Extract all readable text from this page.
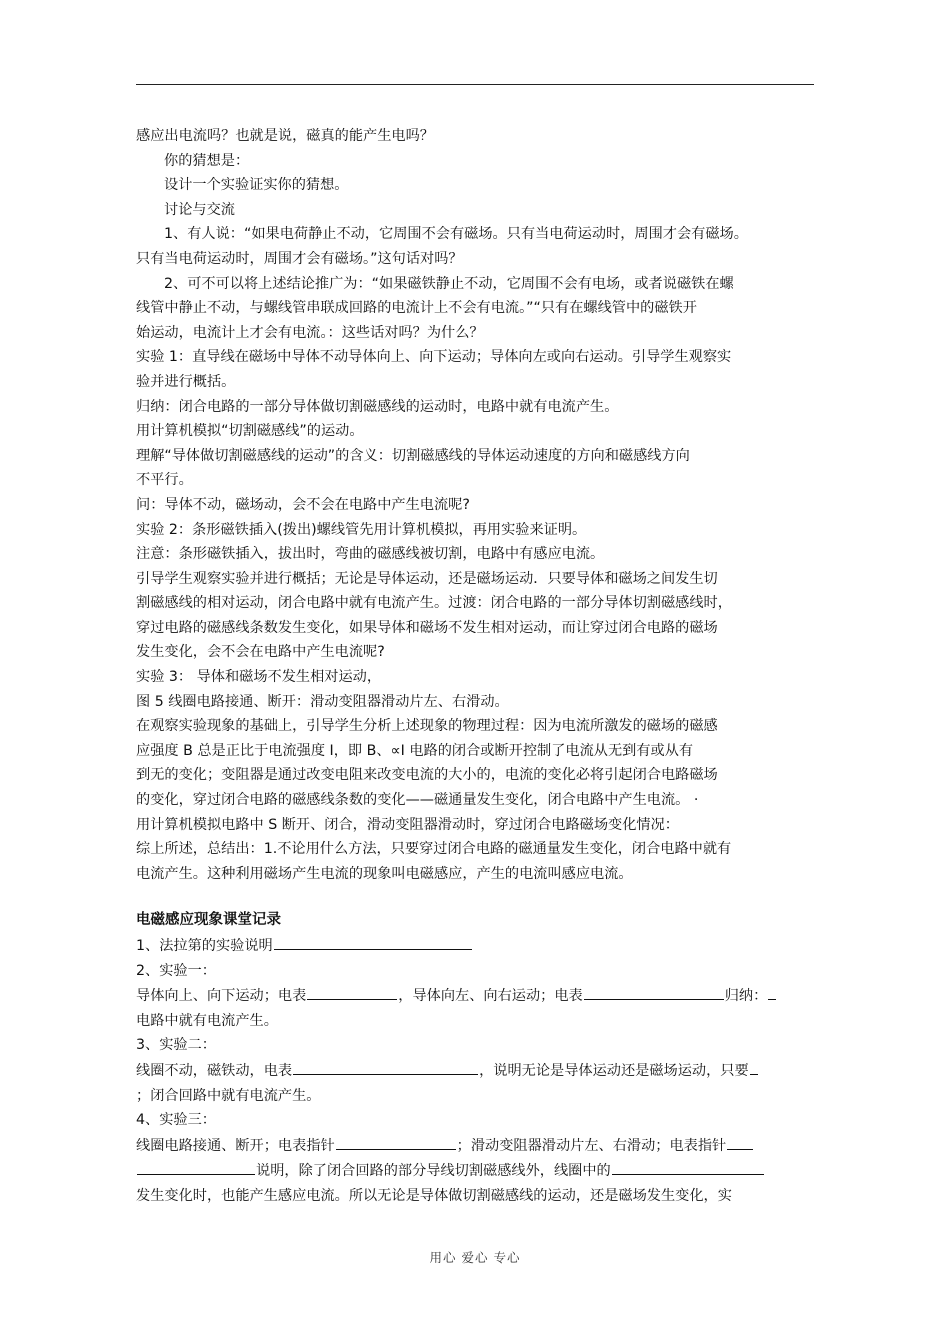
感应出电流吗？也就是说，磁真的能产生电吗？
你的猜想是：
设计一个实验证实你的猜想。
讨论与交流
1、有人说：“如果电荷静止不动，它周围不会有磁场。只有当电荷运动时，周围才会有磁场。
只有当电荷运动时，周围才会有磁场。”这句话对吗？
2、可不可以将上述结论推广为：“如果磁铁静止不动，它周围不会有电场，或者说磁铁在螺
线管中静止不动，与螺线管串联成回路的电流计上不会有电流。”“只有在螺线管中的磁铁开
始运动，电流计上才会有电流。：这些话对吗？为什么？
实验 1：直导线在磁场中导体不动导体向上、向下运动；导体向左或向右运动。引导学生观察实
验并进行概括。
归纳：闭合电路的一部分导体做切割磁感线的运动时，电路中就有电流产生。
用计算机模拟“切割磁感线”的运动。
理解“导体做切割磁感线的运动”的含义：切割磁感线的导体运动速度的方向和磁感线方向
不平行。
问：导体不动，磁场动，会不会在电路中产生电流呢?
实验 2：条形磁铁插入(拨出)螺线管先用计算机模拟，再用实验来证明。
注意：条形磁铁插入，拔出时，弯曲的磁感线被切割，电路中有感应电流。
引导学生观察实验并进行概括；无论是导体运动，还是磁场运动．只要导体和磁场之间发生切
割磁感线的相对运动，闭合电路中就有电流产生。过渡：闭合电路的一部分导体切割磁感线时，
穿过电路的磁感线条数发生变化，如果导体和磁场不发生相对运动，而让穿过闭合电路的磁场
发生变化，会不会在电路中产生电流呢?
实验 3： 导体和磁场不发生相对运动，
图 5 线圈电路接通、断开：滑动变阻器滑动片左、右滑动。
在观察实验现象的基础上，引导学生分析上述现象的物理过程：因为电流所激发的磁场的磁感
应强度 B 总是正比于电流强度 I，即 B、∝I 电路的闭合或断开控制了电流从无到有或从有
到无的变化；变阻器是通过改变电阻来改变电流的大小的，电流的变化必将引起闭合电路磁场
的变化，穿过闭合电路的磁感线条数的变化——磁通量发生变化，闭合电路中产生电流。 ·
用计算机模拟电路中 S 断开、闭合，滑动变阻器滑动时，穿过闭合电路磁场变化情况：
综上所述，总结出：1.不论用什么方法，只要穿过闭合电路的磁通量发生变化，闭合电路中就有
电流产生。这种利用磁场产生电流的现象叫电磁感应，产生的电流叫感应电流。
电磁感应现象课堂记录
1、法拉第的实验说明
2、实验一：
导体向上、向下运动；电表	，导体向左、向右运动；电表	归纳：
电路中就有电流产生。
3、实验二：
线圈不动，磁铁动，电表	，说明无论是导体运动还是磁场运动，只要
；闭合回路中就有电流产生。
4、实验三：
线圈电路接通、断开；电表指针	；滑动变阻器滑动片左、右滑动；电表指针
说明，除了闭合回路的部分导线切割磁感线外，线圈中的
发生变化时，也能产生感应电流。所以无论是导体做切割磁感线的运动，还是磁场发生变化，实
用心 爱心 专心
